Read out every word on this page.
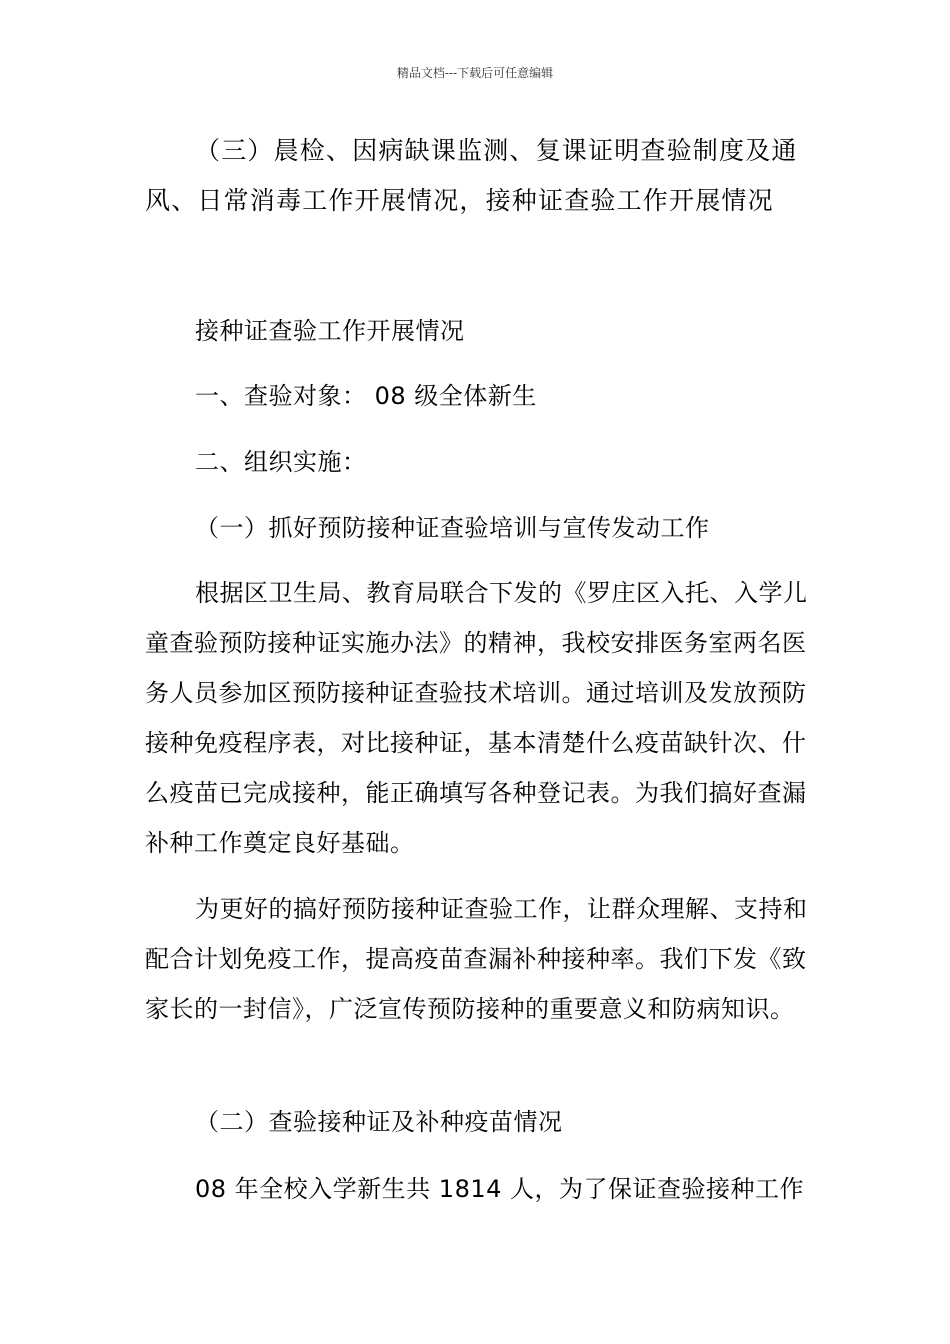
精品文档---下载后可任意编辑
（三）晨检、因病缺课监测、复课证明查验制度及通风、日常消毒工作开展情况，接种证查验工作开展情况
接种证查验工作开展情况
一、查验对象： 08 级全体新生
二、组织实施：
（一）抓好预防接种证查验培训与宣传发动工作
根据区卫生局、教育局联合下发的《罗庄区入托、入学儿童查验预防接种证实施办法》的精神，我校安排医务室两名医务人员参加区预防接种证查验技术培训。通过培训及发放预防接种免疫程序表，对比接种证，基本清楚什么疫苗缺针次、什么疫苗已完成接种，能正确填写各种登记表。为我们搞好查漏补种工作奠定良好基础。
为更好的搞好预防接种证查验工作，让群众理解、支持和配合计划免疫工作，提高疫苗查漏补种接种率。我们下发《致家长的一封信》，广泛宣传预防接种的重要意义和防病知识。
（二）查验接种证及补种疫苗情况
08 年全校入学新生共 1814 人，为了保证查验接种工作
